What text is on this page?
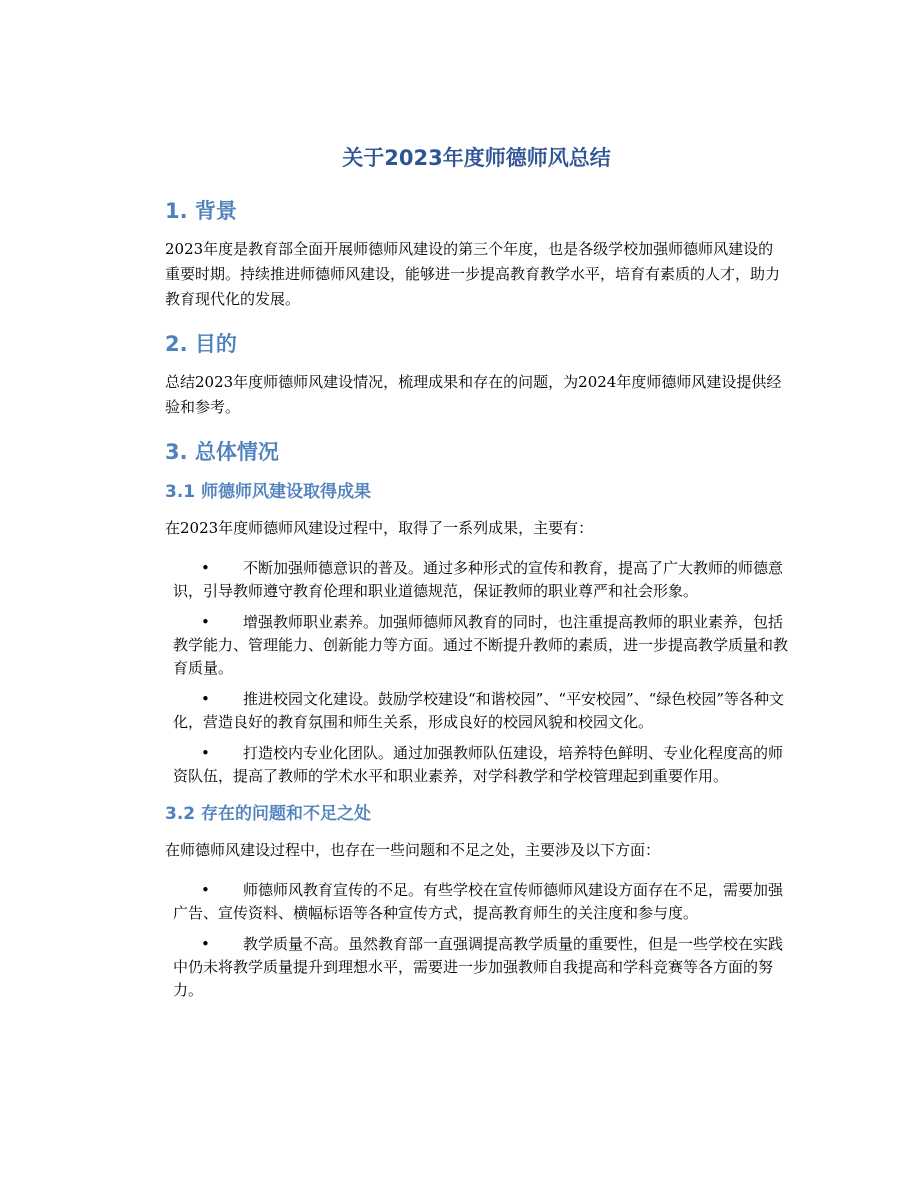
关于2023年度师德师风总结
1. 背景

2023年度是教育部全面开展师德师风建设的第三个年度，也是各级学校加强师德师风建设的重要时期。持续推进师德师风建设，能够进一步提高教育教学水平，培育有素质的人才，助力教育现代化的发展。

2. 目的

总结2023年度师德师风建设情况，梳理成果和存在的问题，为2024年度师德师风建设提供经验和参考。

3. 总体情况
3.1 师德师风建设取得成果

在2023年度师德师风建设过程中，取得了一系列成果，主要有：

• 不断加强师德意识的普及。通过多种形式的宣传和教育，提高了广大教师的师德意识，引导教师遵守教育伦理和职业道德规范，保证教师的职业尊严和社会形象。
• 增强教师职业素养。加强师德师风教育的同时，也注重提高教师的职业素养，包括教学能力、管理能力、创新能力等方面。通过不断提升教师的素质，进一步提高教学质量和教育质量。
• 推进校园文化建设。鼓励学校建设“和谐校园”、“平安校园”、“绿色校园”等各种文化，营造良好的教育氛围和师生关系，形成良好的校园风貌和校园文化。
• 打造校内专业化团队。通过加强教师队伍建设，培养特色鲜明、专业化程度高的师资队伍，提高了教师的学术水平和职业素养，对学科教学和学校管理起到重要作用。
3.2 存在的问题和不足之处

在师德师风建设过程中，也存在一些问题和不足之处，主要涉及以下方面：

• 师德师风教育宣传的不足。有些学校在宣传师德师风建设方面存在不足，需要加强广告、宣传资料、横幅标语等各种宣传方式，提高教育师生的关注度和参与度。
• 教学质量不高。虽然教育部一直强调提高教学质量的重要性，但是一些学校在实践中仍未将教学质量提升到理想水平，需要进一步加强教师自我提高和学科竞赛等各方面的努力。
